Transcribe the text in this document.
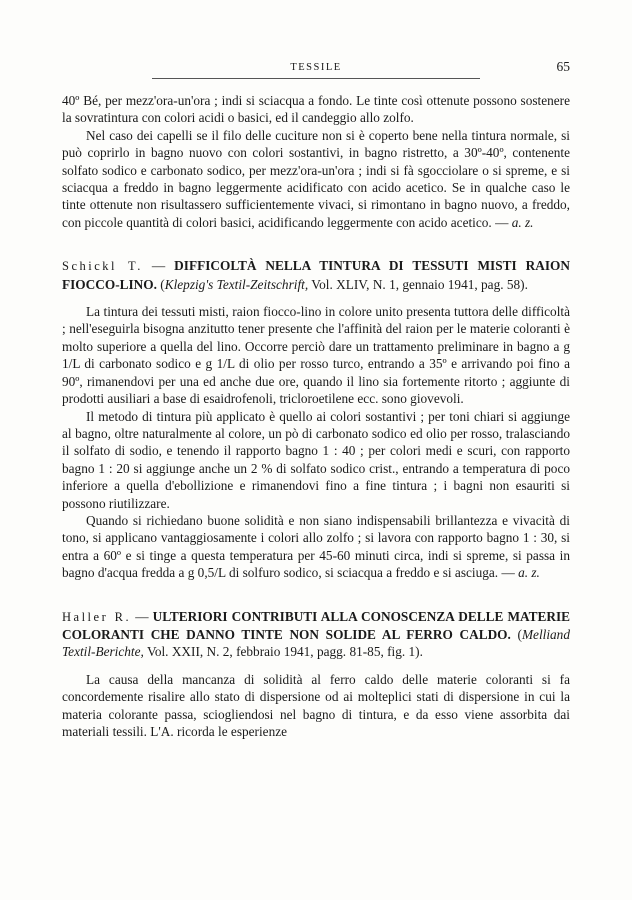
TESSILE	65

40º Bé, per mezz'ora-un'ora ; indi si sciacqua a fondo. Le tinte così ottenute possono sostenere la sovratintura con colori acidi o basici, ed il candeggio allo zolfo.

Nel caso dei capelli se il filo delle cuciture non si è coperto bene nella tintura normale, si può coprirlo in bagno nuovo con colori sostantivi, in bagno ristretto, a 30º-40º, contenente solfato sodico e carbonato sodico, per mezz'ora-un'ora ; indi si fà sgocciolare o si spreme, e si sciacqua a freddo in bagno leggermente acidificato con acido acetico. Se in qualche caso le tinte ottenute non risultassero sufficientemente vivaci, si rimontano in bagno nuovo, a freddo, con piccole quantità di colori basici, acidificando leggermente con acido acetico. — a. z.

Schickl T. — DIFFICOLTÀ NELLA TINTURA DI TESSUTI MISTI RAION FIOCCO-LINO. (Klepzig's Textil-Zeitschrift, Vol. XLIV, N. 1, gennaio 1941, pag. 58).

La tintura dei tessuti misti, raion fiocco-lino in colore unito presenta tuttora delle difficoltà ; nell'eseguirla bisogna anzitutto tener presente che l'affinità del raion per le materie coloranti è molto superiore a quella del lino. Occorre perciò dare un trattamento preliminare in bagno a g 1/L di carbonato sodico e g 1/L di olio per rosso turco, entrando a 35º e arrivando poi fino a 90º, rimanendovi per una ed anche due ore, quando il lino sia fortemente ritorto ; aggiunte di prodotti ausiliari a base di esaidrofenoli, tricloroetilene ecc. sono giovevoli.

Il metodo di tintura più applicato è quello ai colori sostantivi ; per toni chiari si aggiunge al bagno, oltre naturalmente al colore, un pò di carbonato sodico ed olio per rosso, tralasciando il solfato di sodio, e tenendo il rapporto bagno 1 : 40 ; per colori medi e scuri, con rapporto bagno 1 : 20 si aggiunge anche un 2 % di solfato sodico crist., entrando a temperatura di poco inferiore a quella d'ebollizione e rimanendovi fino a fine tintura ; i bagni non esauriti si possono riutilizzare.

Quando si richiedano buone solidità e non siano indispensabili brillantezza e vivacità di tono, si applicano vantaggiosamente i colori allo zolfo ; si lavora con rapporto bagno 1 : 30, si entra a 60º e si tinge a questa temperatura per 45-60 minuti circa, indi si spreme, si passa in bagno d'acqua fredda a g 0,5/L di solfuro sodico, si sciacqua a freddo e si asciuga. — a. z.

Haller R. — ULTERIORI CONTRIBUTI ALLA CONOSCENZA DELLE MATERIE COLORANTI CHE DANNO TINTE NON SOLIDE AL FERRO CALDO. (Melliand Textil-Berichte, Vol. XXII, N. 2, febbraio 1941, pagg. 81-85, fig. 1).

La causa della mancanza di solidità al ferro caldo delle materie coloranti si fa concordemente risalire allo stato di dispersione od ai molteplici stati di dispersione in cui la materia colorante passa, sciogliendosi nel bagno di tintura, e da esso viene assorbita dai materiali tessili. L'A. ricorda le esperienze
